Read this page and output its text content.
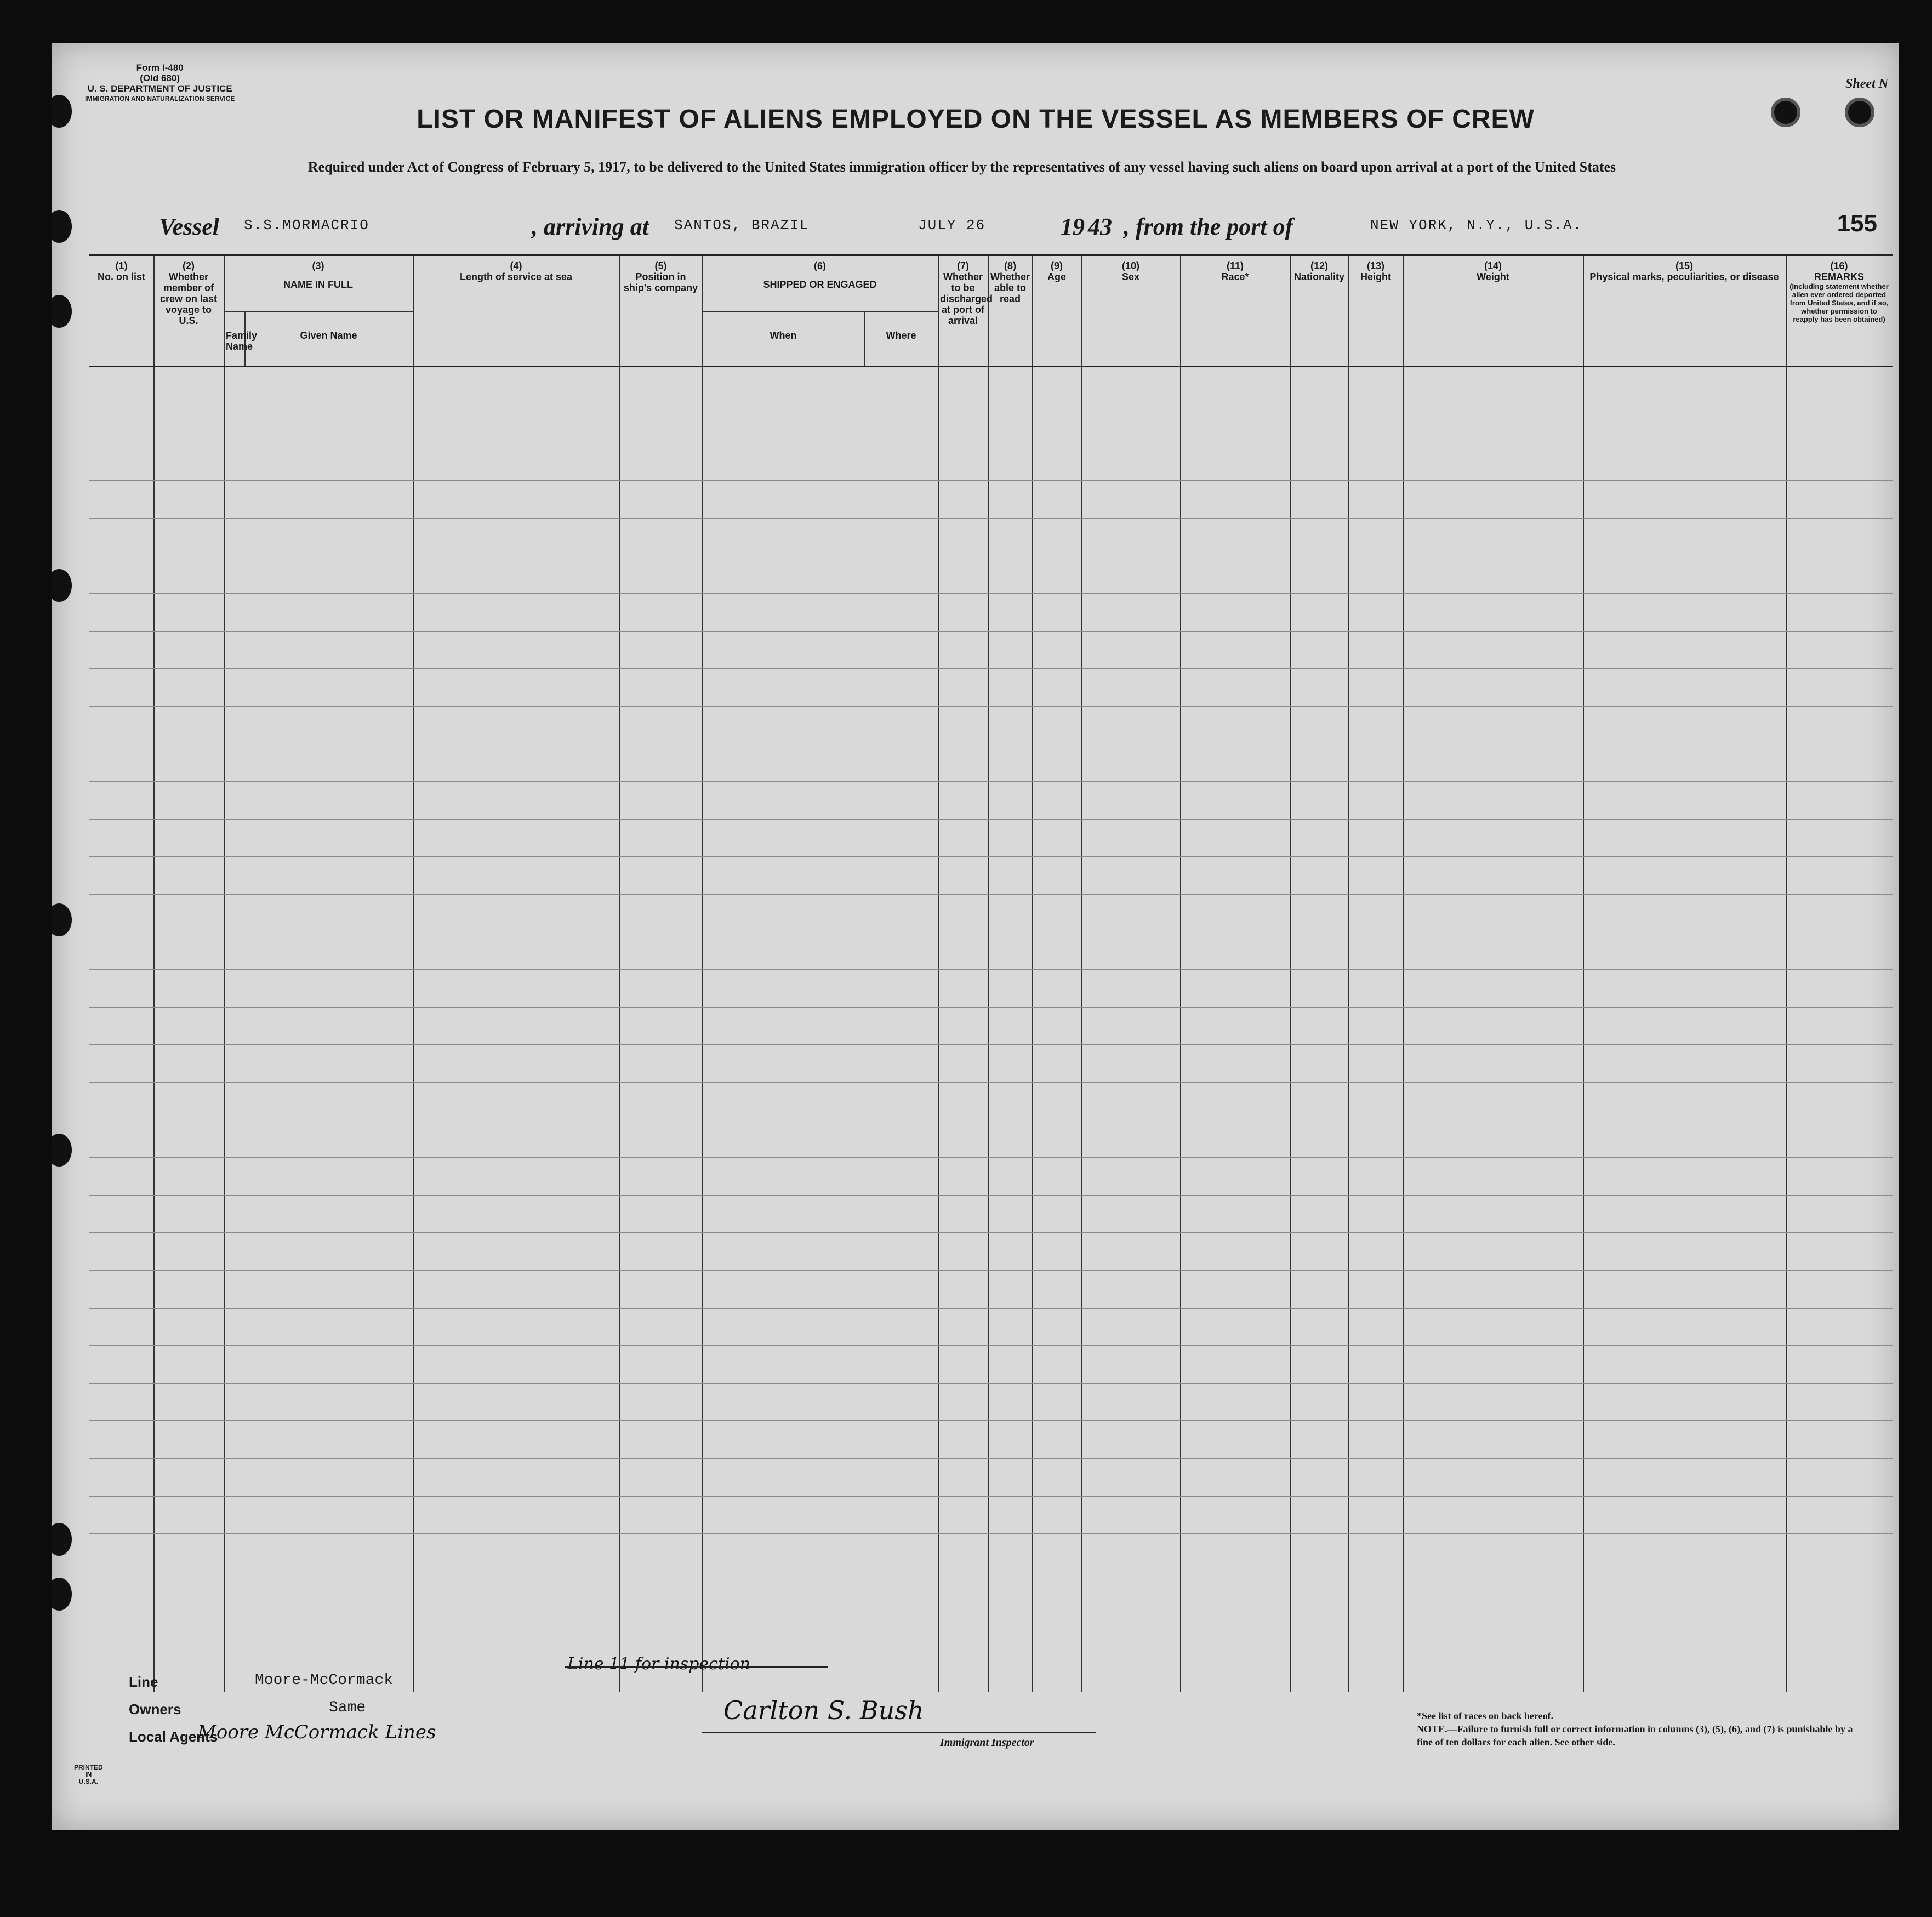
Form I-480
(Old 680)
U. S. DEPARTMENT OF JUSTICE
IMMIGRATION AND NATURALIZATION SERVICE
Sheet N
LIST OR MANIFEST OF ALIENS EMPLOYED ON THE VESSEL AS MEMBERS OF CREW
Required under Act of Congress of February 5, 1917, to be delivered to the United States immigration officer by the representatives of any vessel having such aliens on board upon arrival at a port of the United States
Vessel S.S.MORMACRIO	, arriving at SANTOS, BRAZIL	JULY 26	19 43 , from the port of	NEW YORK, N.Y., U.S.A.	155
(1)
No. on list
(2)
Whether member of crew on last voyage to U.S.
(3)
NAME IN FULL
Family Name
Given Name
(4)
Length of service at sea
(5)
Position in ship's company
(6)
SHIPPED OR ENGAGED
When	Where
(7)
Whether to be discharged at port of arrival
(8)
Whether able to read
(9)
Age
(10)
Sex
(11)
Race*
(12)
Nationality
(13)
Height
(14)
Weight
(15)
Physical marks, peculiarities, or disease
(16)
REMARKS
(Including statement whether alien ever ordered deported from United States, and if so, whether permission to reapply has been obtained)
Line	Moore-McCormack
Owners	Same
Local Agents
Moore McCormack Lines
Line 11 for inspection
Carlton S. Bush
Immigrant Inspector
*See list of races on back hereof.
NOTE.—Failure to furnish full or correct information in columns (3), (5), (6), and (7) is punishable by a fine of ten dollars for each alien. See other side.
PRINTED
IN
U.S.A.
